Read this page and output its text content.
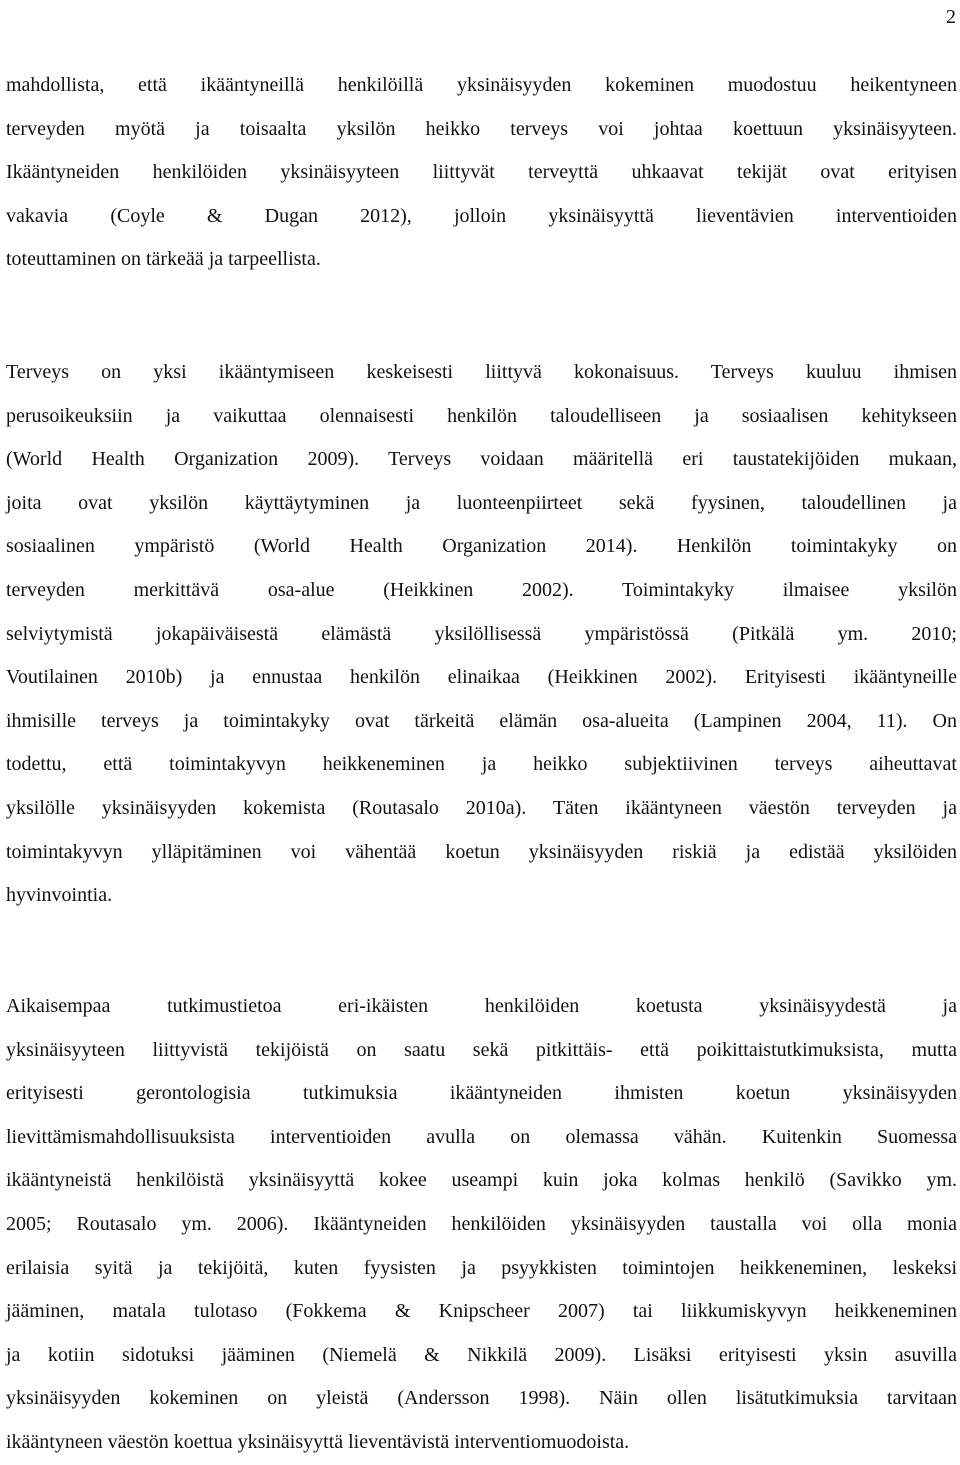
2
mahdollista, että ikääntyneillä henkilöillä yksinäisyyden kokeminen muodostuu heikentyneen
terveyden myötä ja toisaalta yksilön heikko terveys voi johtaa koettuun yksinäisyyteen.
Ikääntyneiden henkilöiden yksinäisyyteen liittyvät terveyttä uhkaavat tekijät ovat erityisen
vakavia (Coyle & Dugan 2012), jolloin yksinäisyyttä lieventävien interventioiden
toteuttaminen on tärkeää ja tarpeellista.
Terveys on yksi ikääntymiseen keskeisesti liittyvä kokonaisuus. Terveys kuuluu ihmisen
perusoikeuksiin ja vaikuttaa olennaisesti henkilön taloudelliseen ja sosiaalisen kehitykseen
(World Health Organization 2009). Terveys voidaan määritellä eri taustatekijöiden mukaan,
joita ovat yksilön käyttäytyminen ja luonteenpiirteet sekä fyysinen, taloudellinen ja
sosiaalinen ympäristö (World Health Organization 2014). Henkilön toimintakyky on
terveyden merkittävä osa-alue (Heikkinen 2002). Toimintakyky ilmaisee yksilön
selviytymistä jokapäiväisestä elämästä yksilöllisessä ympäristössä (Pitkälä ym. 2010;
Voutilainen 2010b) ja ennustaa henkilön elinaikaa (Heikkinen 2002). Erityisesti ikääntyneille
ihmisille terveys ja toimintakyky ovat tärkeitä elämän osa-alueita (Lampinen 2004, 11). On
todettu, että toimintakyvyn heikkeneminen ja heikko subjektiivinen terveys aiheuttavat
yksilölle yksinäisyyden kokemista (Routasalo 2010a). Täten ikääntyneen väestön terveyden ja
toimintakyvyn ylläpitäminen voi vähentää koetun yksinäisyyden riskiä ja edistää yksilöiden
hyvinvointia.
Aikaisempaa tutkimustietoa eri-ikäisten henkilöiden koetusta yksinäisyydestä ja
yksinäisyyteen liittyvistä tekijöistä on saatu sekä pitkittäis- että poikittaistutkimuksista, mutta
erityisesti gerontologisia tutkimuksia ikääntyneiden ihmisten koetun yksinäisyyden
lievittämismahdollisuuksista interventioiden avulla on olemassa vähän. Kuitenkin Suomessa
ikääntyneistä henkilöistä yksinäisyyttä kokee useampi kuin joka kolmas henkilö (Savikko ym.
2005; Routasalo ym. 2006). Ikääntyneiden henkilöiden yksinäisyyden taustalla voi olla monia
erilaisia syitä ja tekijöitä, kuten fyysisten ja psyykkisten toimintojen heikkeneminen, leskeksi
jääminen, matala tulotaso (Fokkema & Knipscheer 2007) tai liikkumiskyvyn heikkeneminen
ja kotiin sidotuksi jääminen (Niemelä & Nikkilä 2009). Lisäksi erityisesti yksin asuvilla
yksinäisyyden kokeminen on yleistä (Andersson 1998). Näin ollen lisätutkimuksia tarvitaan
ikääntyneen väestön koettua yksinäisyyttä lieventävistä interventiomuodoista.
